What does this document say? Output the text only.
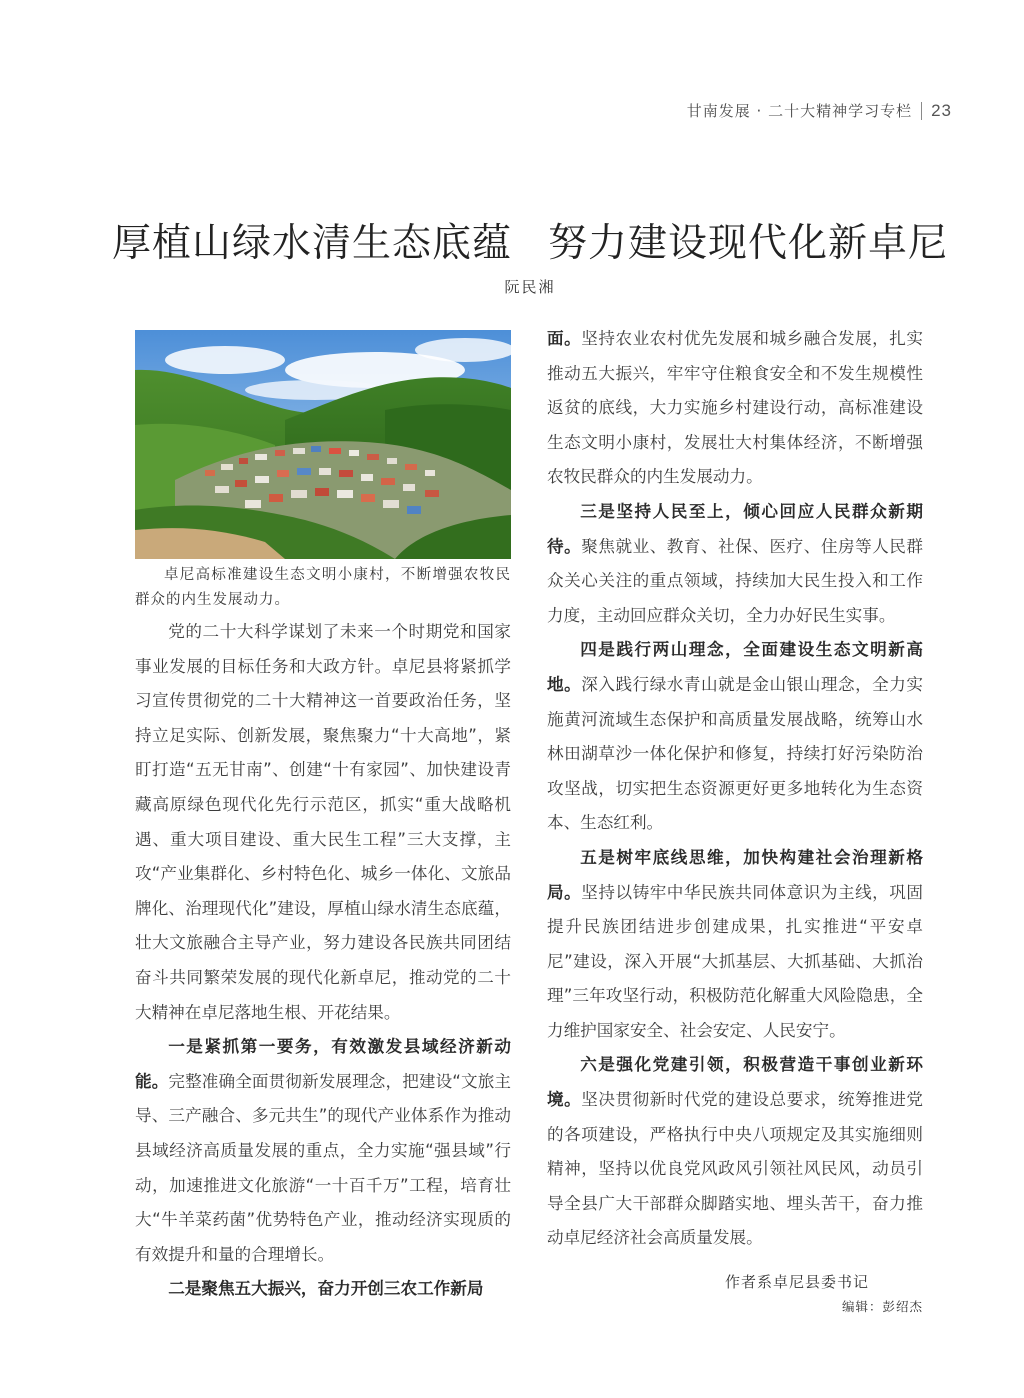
甘南发展 · 二十大精神学习专栏 23
厚植山绿水清生态底蕴 努力建设现代化新卓尼
阮民湘
卓尼高标准建设生态文明小康村，不断增强农牧民群众的内生发展动力。

党的二十大科学谋划了未来一个时期党和国家事业发展的目标任务和大政方针。卓尼县将紧抓学习宣传贯彻党的二十大精神这一首要政治任务，坚持立足实际、创新发展，聚焦聚力“十大高地”，紧盯打造“五无甘南”、创建“十有家园”、加快建设青藏高原绿色现代化先行示范区，抓实“重大战略机遇、重大项目建设、重大民生工程”三大支撑，主攻“产业集群化、乡村特色化、城乡一体化、文旅品牌化、治理现代化”建设，厚植山绿水清生态底蕴，壮大文旅融合主导产业，努力建设各民族共同团结奋斗共同繁荣发展的现代化新卓尼，推动党的二十大精神在卓尼落地生根、开花结果。

一是紧抓第一要务，有效激发县域经济新动能。完整准确全面贯彻新发展理念，把建设“文旅主导、三产融合、多元共生”的现代产业体系作为推动县域经济高质量发展的重点，全力实施“强县域”行动，加速推进文化旅游“一十百千万”工程，培育壮大“牛羊菜药菌”优势特色产业，推动经济实现质的有效提升和量的合理增长。

二是聚焦五大振兴，奋力开创三农工作新局

面。坚持农业农村优先发展和城乡融合发展，扎实推动五大振兴，牢牢守住粮食安全和不发生规模性返贫的底线，大力实施乡村建设行动，高标准建设生态文明小康村，发展壮大村集体经济，不断增强农牧民群众的内生发展动力。

三是坚持人民至上，倾心回应人民群众新期待。聚焦就业、教育、社保、医疗、住房等人民群众关心关注的重点领域，持续加大民生投入和工作力度，主动回应群众关切，全力办好民生实事。

四是践行两山理念，全面建设生态文明新高地。深入践行绿水青山就是金山银山理念，全力实施黄河流域生态保护和高质量发展战略，统筹山水林田湖草沙一体化保护和修复，持续打好污染防治攻坚战，切实把生态资源更好更多地转化为生态资本、生态红利。

五是树牢底线思维，加快构建社会治理新格局。坚持以铸牢中华民族共同体意识为主线，巩固提升民族团结进步创建成果，扎实推进“平安卓尼”建设，深入开展“大抓基层、大抓基础、大抓治理”三年攻坚行动，积极防范化解重大风险隐患，全力维护国家安全、社会安定、人民安宁。

六是强化党建引领，积极营造干事创业新环境。坚决贯彻新时代党的建设总要求，统筹推进党的各项建设，严格执行中央八项规定及其实施细则精神，坚持以优良党风政风引领社风民风，动员引导全县广大干部群众脚踏实地、埋头苦干，奋力推动卓尼经济社会高质量发展。

作者系卓尼县委书记
编辑：彭绍杰
